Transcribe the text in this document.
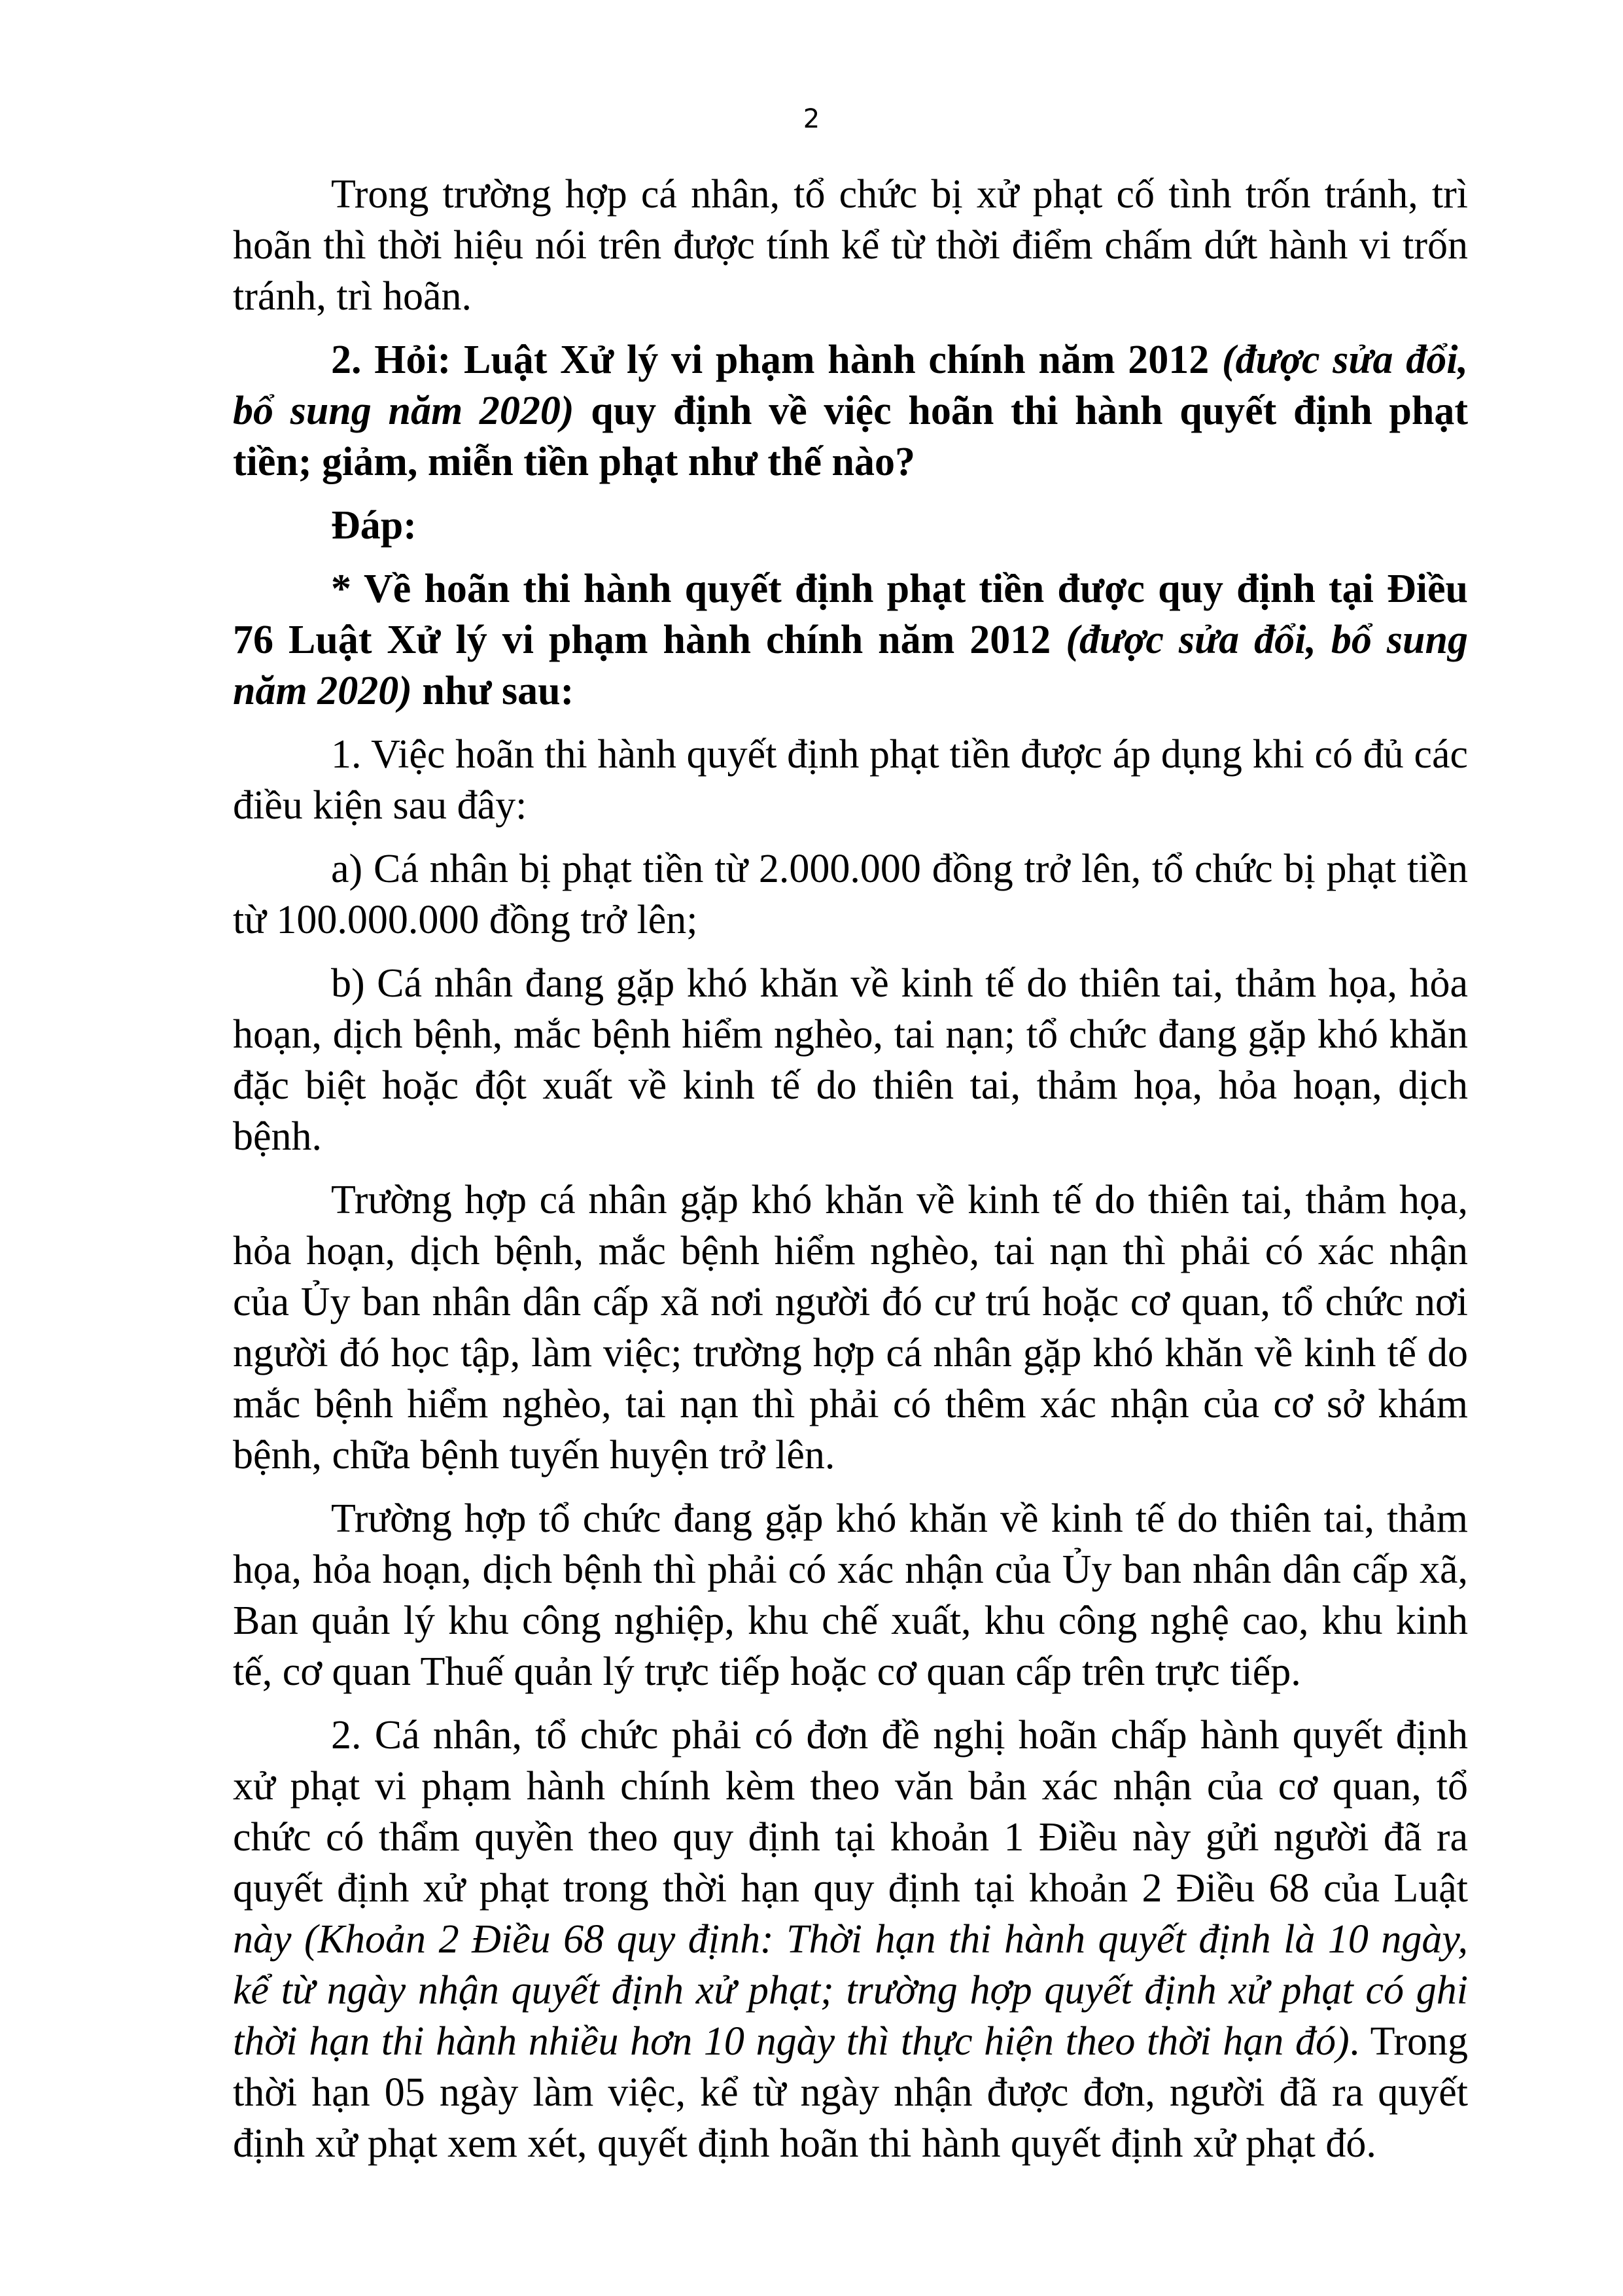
2

Trong trường hợp cá nhân, tổ chức bị xử phạt cố tình trốn tránh, trì hoãn thì thời hiệu nói trên được tính kể từ thời điểm chấm dứt hành vi trốn tránh, trì hoãn.

2. Hỏi: Luật Xử lý vi phạm hành chính năm 2012 (được sửa đổi, bổ sung năm 2020) quy định về việc hoãn thi hành quyết định phạt tiền; giảm, miễn tiền phạt như thế nào?

Đáp:

* Về hoãn thi hành quyết định phạt tiền được quy định tại Điều 76 Luật Xử lý vi phạm hành chính năm 2012 (được sửa đổi, bổ sung năm 2020) như sau:

1. Việc hoãn thi hành quyết định phạt tiền được áp dụng khi có đủ các điều kiện sau đây:

a) Cá nhân bị phạt tiền từ 2.000.000 đồng trở lên, tổ chức bị phạt tiền từ 100.000.000 đồng trở lên;

b) Cá nhân đang gặp khó khăn về kinh tế do thiên tai, thảm họa, hỏa hoạn, dịch bệnh, mắc bệnh hiểm nghèo, tai nạn; tổ chức đang gặp khó khăn đặc biệt hoặc đột xuất về kinh tế do thiên tai, thảm họa, hỏa hoạn, dịch bệnh.

Trường hợp cá nhân gặp khó khăn về kinh tế do thiên tai, thảm họa, hỏa hoạn, dịch bệnh, mắc bệnh hiểm nghèo, tai nạn thì phải có xác nhận của Ủy ban nhân dân cấp xã nơi người đó cư trú hoặc cơ quan, tổ chức nơi người đó học tập, làm việc; trường hợp cá nhân gặp khó khăn về kinh tế do mắc bệnh hiểm nghèo, tai nạn thì phải có thêm xác nhận của cơ sở khám bệnh, chữa bệnh tuyến huyện trở lên.

Trường hợp tổ chức đang gặp khó khăn về kinh tế do thiên tai, thảm họa, hỏa hoạn, dịch bệnh thì phải có xác nhận của Ủy ban nhân dân cấp xã, Ban quản lý khu công nghiệp, khu chế xuất, khu công nghệ cao, khu kinh tế, cơ quan Thuế quản lý trực tiếp hoặc cơ quan cấp trên trực tiếp.

2. Cá nhân, tổ chức phải có đơn đề nghị hoãn chấp hành quyết định xử phạt vi phạm hành chính kèm theo văn bản xác nhận của cơ quan, tổ chức có thẩm quyền theo quy định tại khoản 1 Điều này gửi người đã ra quyết định xử phạt trong thời hạn quy định tại khoản 2 Điều 68 của Luật này (Khoản 2 Điều 68 quy định: Thời hạn thi hành quyết định là 10 ngày, kể từ ngày nhận quyết định xử phạt; trường hợp quyết định xử phạt có ghi thời hạn thi hành nhiều hơn 10 ngày thì thực hiện theo thời hạn đó). Trong thời hạn 05 ngày làm việc, kể từ ngày nhận được đơn, người đã ra quyết định xử phạt xem xét, quyết định hoãn thi hành quyết định xử phạt đó.
